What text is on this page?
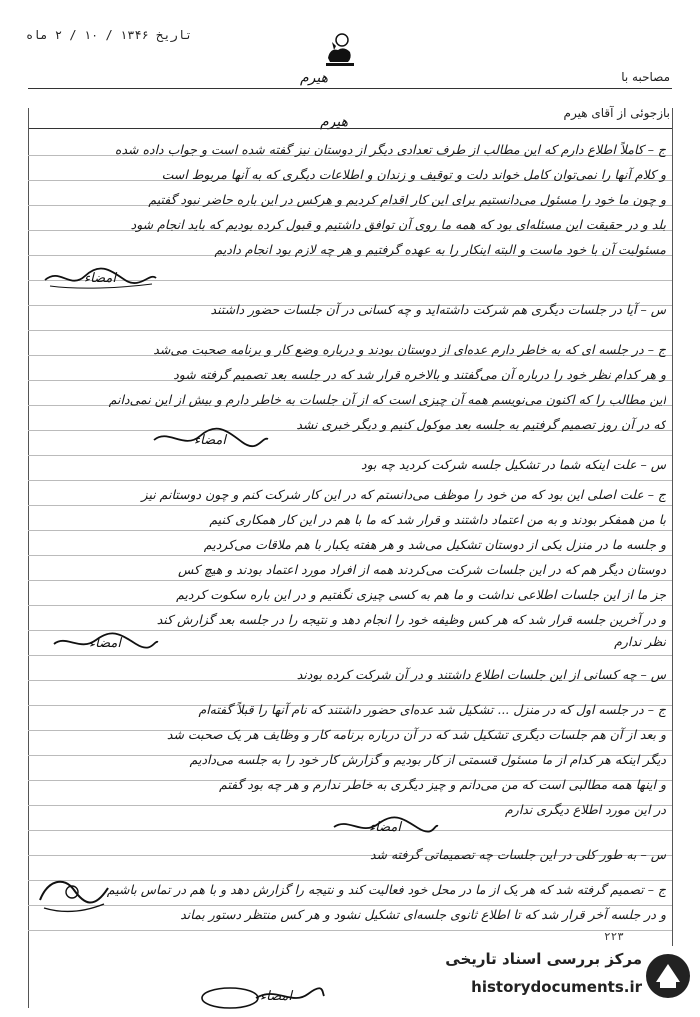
تاریخ ۱۳۴۶ / ۱۰ / ۲ ماه
هیرم	مصاحبه با
بازجوئی از آقای هیرم
هیرم
ج – کاملاً اطلاع دارم که این مطالب از طرف تعدادی دیگر از دوستان نیز گفته شده است و جواب داده شده
و کلام آنها را نمی‌توان کامل خواند دلت و توقیف و زندان و اطلاعات دیگری که به آنها مربوط است
و چون ما خود را مسئول می‌دانستیم برای این کار اقدام کردیم و هرکس در این باره حاضر نبود گفتیم
بلد و در حقیقت این مسئله‌ای بود که همه ما روی آن توافق داشتیم و قبول کرده بودیم که باید انجام شود
مسئولیت آن با خود ماست و البته اینکار را به عهده گرفتیم و هر چه لازم بود انجام دادیم
امضاء
س – آیا در جلسات دیگری هم شرکت داشته‌اید و چه کسانی در آن جلسات حضور داشتند
ج – در جلسه ای که به خاطر دارم عده‌ای از دوستان بودند و درباره وضع کار و برنامه صحبت می‌شد
و هر کدام نظر خود را درباره آن می‌گفتند و بالاخره قرار شد که در جلسه بعد تصمیم گرفته شود
این مطالب را که اکنون می‌نویسم همه آن چیزی است که از آن جلسات به خاطر دارم و بیش از این نمی‌دانم
که در آن روز تصمیم گرفتیم به جلسه بعد موکول کنیم و دیگر خبری نشد
امضاء
س – علت اینکه شما در تشکیل جلسه شرکت کردید چه بود
ج – علت اصلی این بود که من خود را موظف می‌دانستم که در این کار شرکت کنم و چون دوستانم نیز
با من همفکر بودند و به من اعتماد داشتند و قرار شد که ما با هم در این کار همکاری کنیم
و جلسه ما در منزل یکی از دوستان تشکیل می‌شد و هر هفته یکبار با هم ملاقات می‌کردیم
دوستان دیگر هم که در این جلسات شرکت می‌کردند همه از افراد مورد اعتماد بودند و هیچ کس
جز ما از این جلسات اطلاعی نداشت و ما هم به کسی چیزی نگفتیم و در این باره سکوت کردیم
و در آخرین جلسه قرار شد که هر کس وظیفه خود را انجام دهد و نتیجه را در جلسه بعد گزارش کند
نظر ندارم
امضاء
س – چه کسانی از این جلسات اطلاع داشتند و در آن شرکت کرده بودند
ج – در جلسه اول که در منزل ... تشکیل شد عده‌ای حضور داشتند که نام آنها را قبلاً گفته‌ام
و بعد از آن هم جلسات دیگری تشکیل شد که در آن درباره برنامه کار و وظایف هر یک صحبت شد
دیگر اینکه هر کدام از ما مسئول قسمتی از کار بودیم و گزارش کار خود را به جلسه می‌دادیم
و اینها همه مطالبی است که من می‌دانم و چیز دیگری به خاطر ندارم و هر چه بود گفتم
در این مورد اطلاع دیگری ندارم
امضاء
س – به طور کلی در این جلسات چه تصمیماتی گرفته شد
ج – تصمیم گرفته شد که هر یک از ما در محل خود فعالیت کند و نتیجه را گزارش دهد و با هم در تماس باشیم
و در جلسه آخر قرار شد که تا اطلاع ثانوی جلسه‌ای تشکیل نشود و هر کس منتظر دستور بماند
۲۲۳
امضاء
مرکز بررسی اسناد تاریخی
historydocuments.ir
